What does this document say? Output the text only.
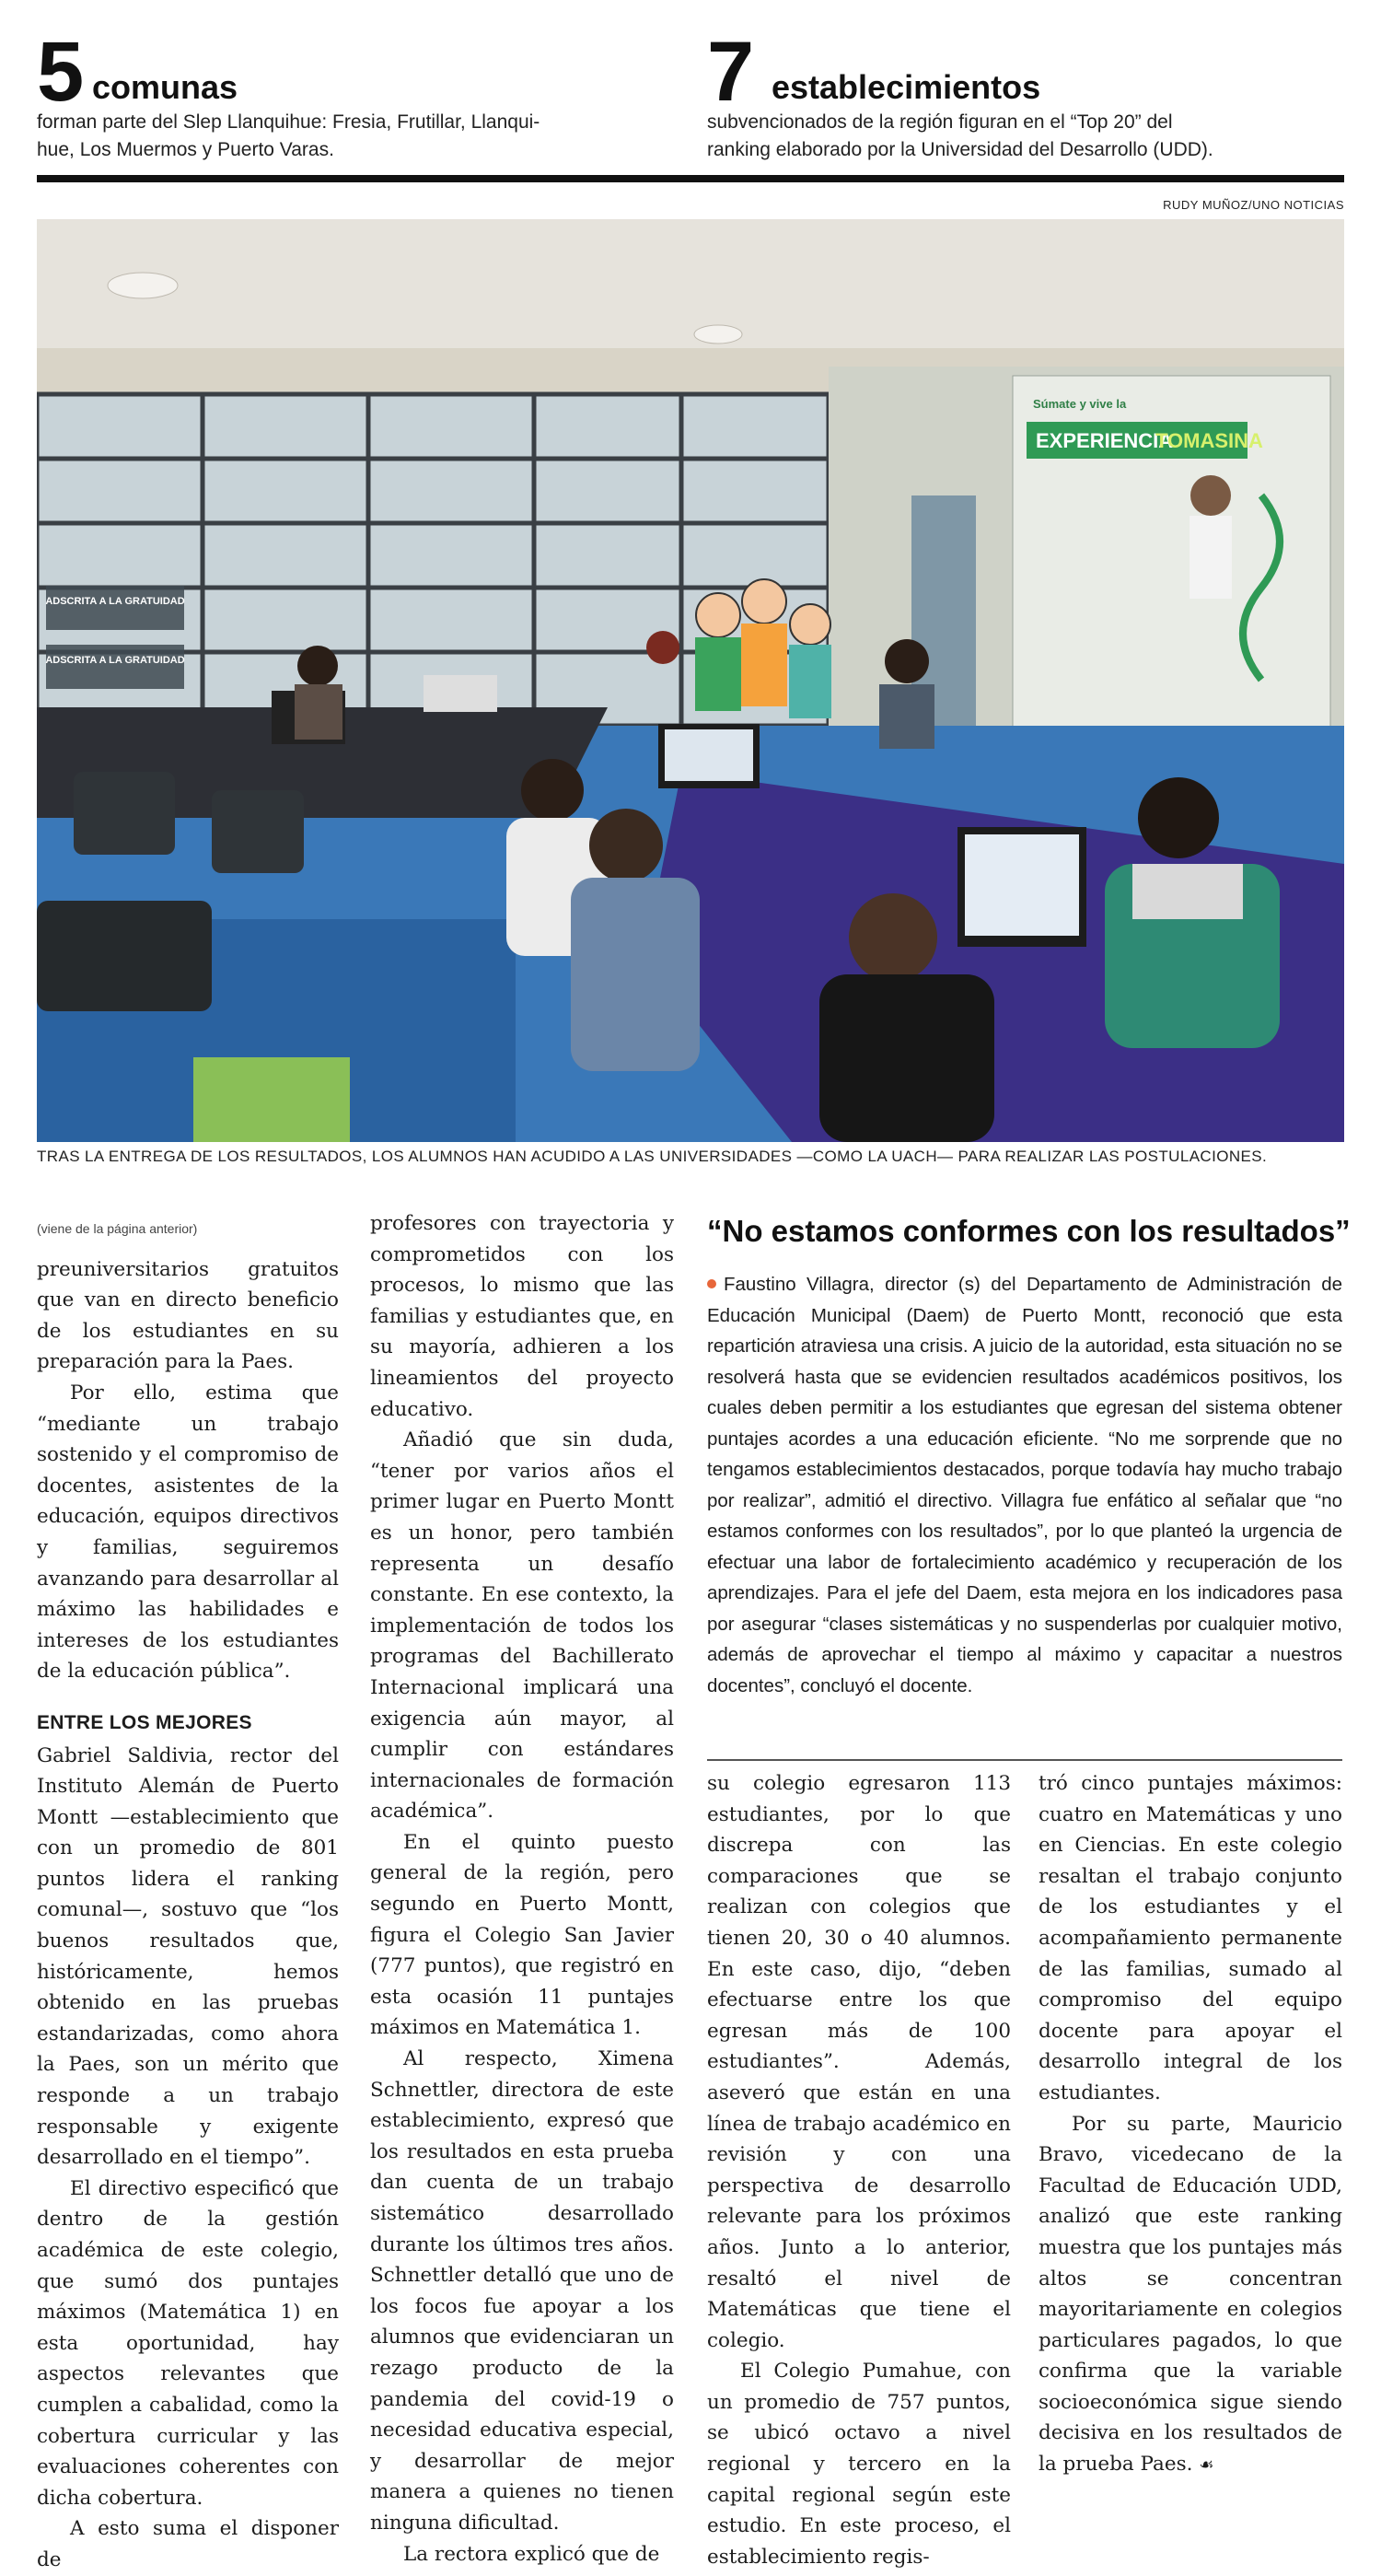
5 comunas
forman parte del Slep Llanquihue: Fresia, Frutillar, Llanqui-
hue, Los Muermos y Puerto Varas.
7 establecimientos
subvencionados de la región figuran en el “Top 20” del
ranking elaborado por la Universidad del Desarrollo (UDD).
RUDY MUÑOZ/UNO NOTICIAS
ADSCRITA A LA GRATUIDAD
ADSCRITA A LA GRATUIDAD
Súmate y vive la
EXPERIENCIA
TOMASINA
TRAS LA ENTREGA DE LOS RESULTADOS, LOS ALUMNOS HAN ACUDIDO A LAS UNIVERSIDADES —COMO LA UACH— PARA REALIZAR LAS POSTULACIONES.

(viene de la página anterior)

preuniversitarios gratuitos que van en directo beneficio de los estudiantes en su preparación para la Paes.

Por ello, estima que “mediante un trabajo sostenido y el compromiso de docentes, asistentes de la educación, equipos directivos y familias, seguiremos avanzando para desarrollar al máximo las habilidades e intereses de los estudiantes de la educación pública”.

ENTRE LOS MEJORES

Gabriel Saldivia, rector del Instituto Alemán de Puerto Montt —establecimiento que con un promedio de 801 puntos lidera el ranking comunal—, sostuvo que “los buenos resultados que, históricamente, hemos obtenido en las pruebas estandarizadas, como ahora la Paes, son un mérito que responde a un trabajo responsable y exigente desarrollado en el tiempo”.

El directivo especificó que dentro de la gestión académica de este colegio, que sumó dos puntajes máximos (Matemática 1) en esta oportunidad, hay aspectos relevantes que cumplen a cabalidad, como la cobertura curricular y las evaluaciones coherentes con dicha cobertura.

A esto suma el disponer de

profesores con trayectoria y comprometidos con los procesos, lo mismo que las familias y estudiantes que, en su mayoría, adhieren a los lineamientos del proyecto educativo.

Añadió que sin duda, “tener por varios años el primer lugar en Puerto Montt es un honor, pero también representa un desafío constante. En ese contexto, la implementación de todos los programas del Bachillerato Internacional implicará una exigencia aún mayor, al cumplir con estándares internacionales de formación académica”.

En el quinto puesto general de la región, pero segundo en Puerto Montt, figura el Colegio San Javier (777 puntos), que registró en esta ocasión 11 puntajes máximos en Matemática 1.

Al respecto, Ximena Schnettler, directora de este establecimiento, expresó que los resultados en esta prueba dan cuenta de un trabajo sistemático desarrollado durante los últimos tres años. Schnettler detalló que uno de los focos fue apoyar a los alumnos que evidenciaran un rezago producto de la pandemia del covid-19 o necesidad educativa especial, y desarrollar de mejor manera a quienes no tienen ninguna dificultad.

La rectora explicó que de

“No estamos conformes con los resultados”
Faustino Villagra, director (s) del Departamento de Administración de Educación Municipal (Daem) de Puerto Montt, reconoció que esta repartición atraviesa una crisis. A juicio de la autoridad, esta situación no se resolverá hasta que se evidencien resultados académicos positivos, los cuales deben permitir a los estudiantes que egresan del sistema obtener puntajes acordes a una educación eficiente. “No me sorprende que no tengamos establecimientos destacados, porque todavía hay mucho trabajo por realizar”, admitió el directivo. Villagra fue enfático al señalar que “no estamos conformes con los resultados”, por lo que planteó la urgencia de efectuar una labor de fortalecimiento académico y recuperación de los aprendizajes. Para el jefe del Daem, esta mejora en los indicadores pasa por asegurar “clases sistemáticas y no suspenderlas por cualquier motivo, además de aprovechar el tiempo al máximo y capacitar a nuestros docentes”, concluyó el docente.

su colegio egresaron 113 estudiantes, por lo que discrepa con las comparaciones que se realizan con colegios que tienen 20, 30 o 40 alumnos. En este caso, dijo, “deben efectuarse entre los que egresan más de 100 estudiantes”. Además, aseveró que están en una línea de trabajo académico en revisión y con una perspectiva de desarrollo relevante para los próximos años. Junto a lo anterior, resaltó el nivel de Matemáticas que tiene el colegio.

El Colegio Pumahue, con un promedio de 757 puntos, se ubicó octavo a nivel regional y tercero en la capital regional según este estudio. En este proceso, el establecimiento regis-

tró cinco puntajes máximos: cuatro en Matemáticas y uno en Ciencias. En este colegio resaltan el trabajo conjunto de los estudiantes y el acompañamiento permanente de las familias, sumado al compromiso del equipo docente para apoyar el desarrollo integral de los estudiantes.

Por su parte, Mauricio Bravo, vicedecano de la Facultad de Educación UDD, analizó que este ranking muestra que los puntajes más altos se concentran mayoritariamente en colegios particulares pagados, lo que confirma que la variable socioeconómica sigue siendo decisiva en los resultados de la prueba Paes. ☙
